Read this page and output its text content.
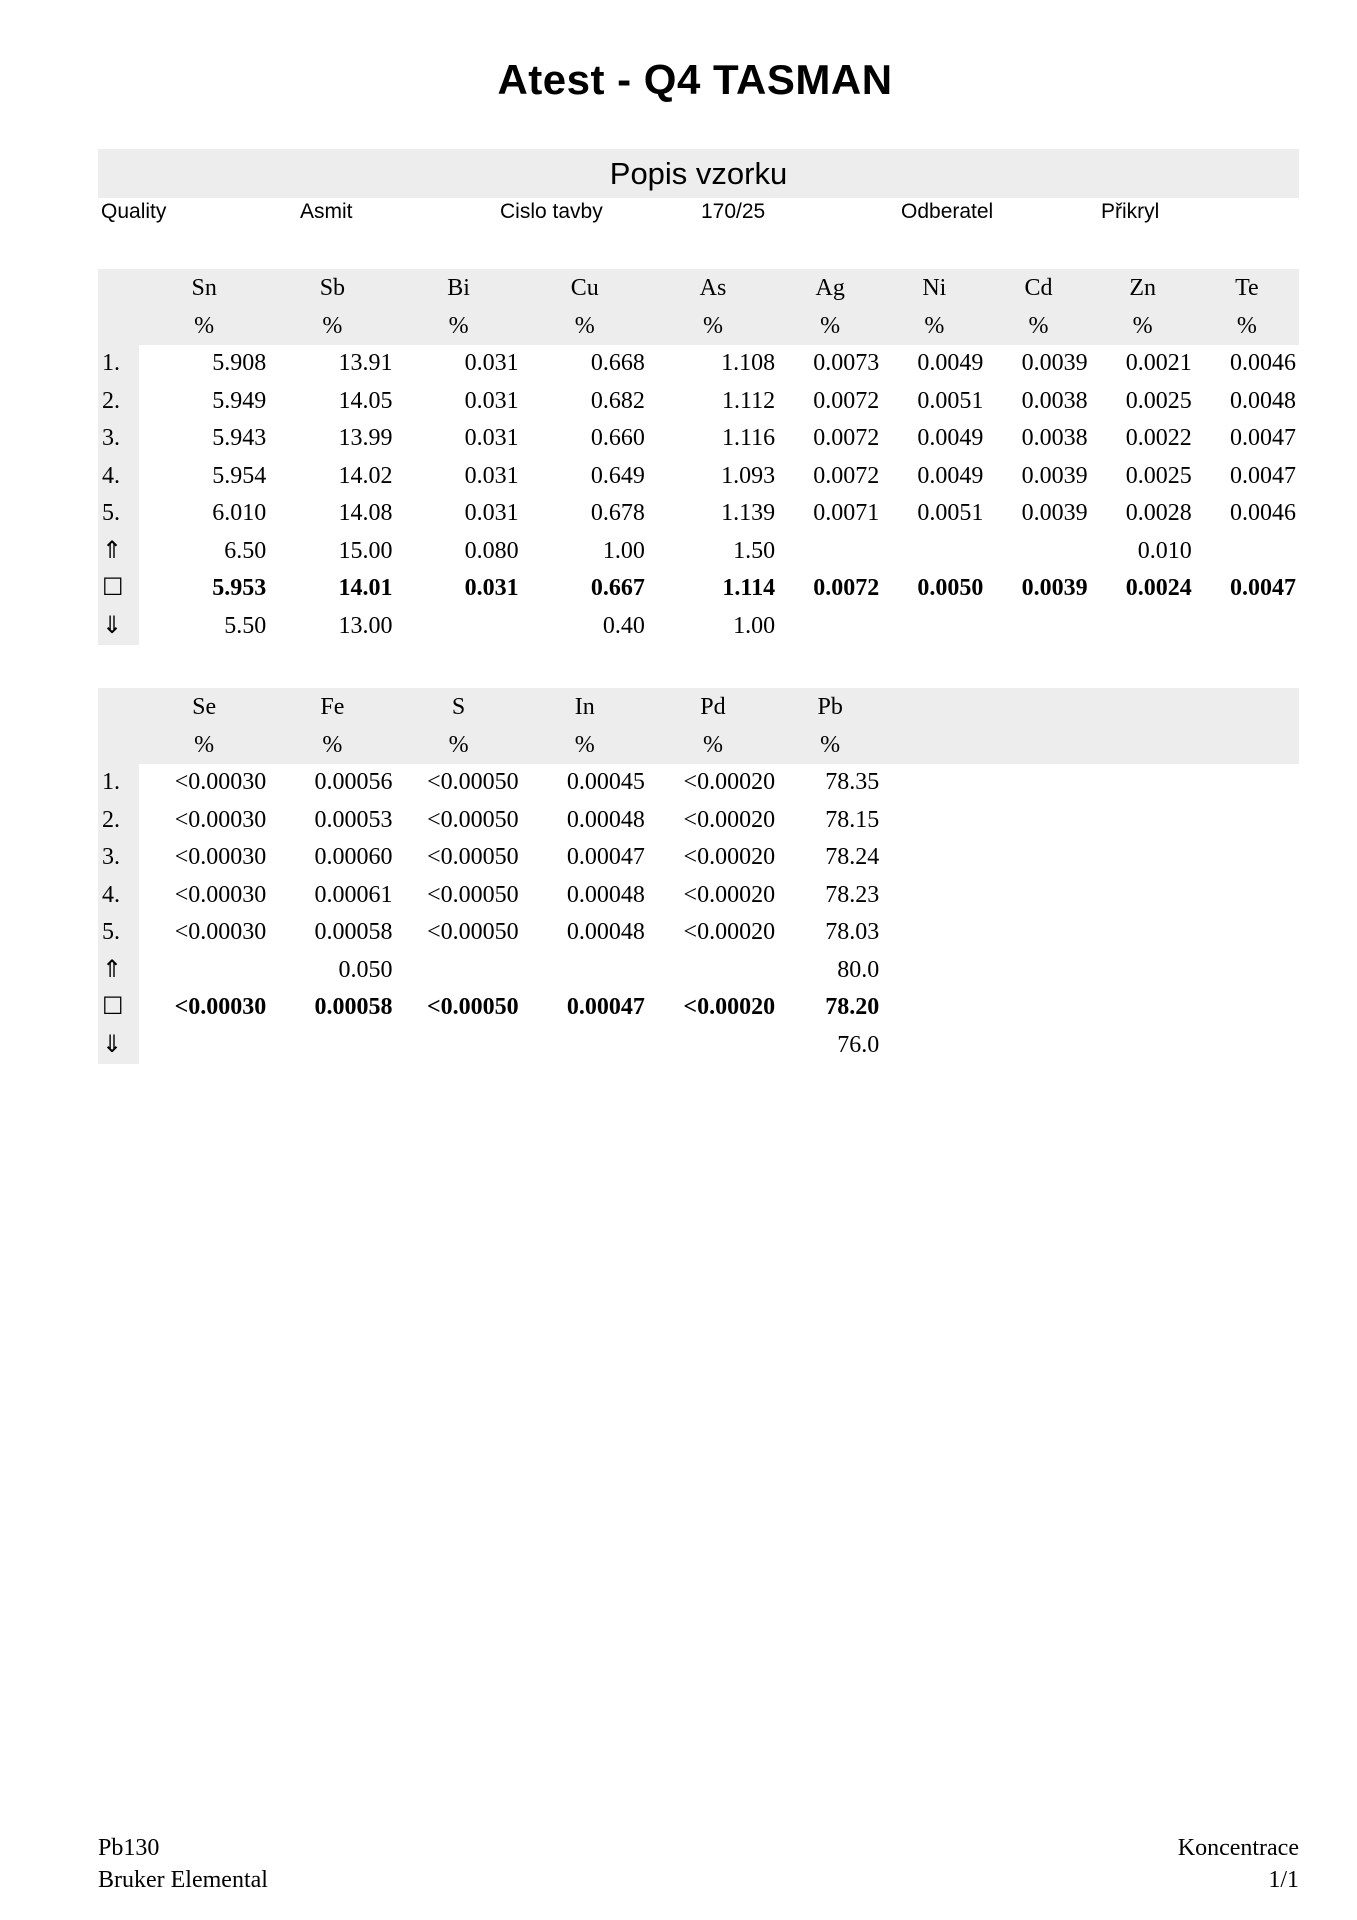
Atest - Q4 TASMAN
Popis vzorku
Quality	Asmit	Cislo tavby	170/25	Odberatel	Přikryl
	Sn	Sb	Bi	Cu	As	Ag	Ni	Cd	Zn	Te
	%	%	%	%	%	%	%	%	%	%
1.	5.908	13.91	0.031	0.668	1.108	0.0073	0.0049	0.0039	0.0021	0.0046
2.	5.949	14.05	0.031	0.682	1.112	0.0072	0.0051	0.0038	0.0025	0.0048
3.	5.943	13.99	0.031	0.660	1.116	0.0072	0.0049	0.0038	0.0022	0.0047
4.	5.954	14.02	0.031	0.649	1.093	0.0072	0.0049	0.0039	0.0025	0.0047
5.	6.010	14.08	0.031	0.678	1.139	0.0071	0.0051	0.0039	0.0028	0.0046
⇑	6.50	15.00	0.080	1.00	1.50				0.010	
☐	5.953	14.01	0.031	0.667	1.114	0.0072	0.0050	0.0039	0.0024	0.0047
⇓	5.50	13.00		0.40	1.00					
	Se	Fe	S	In	Pd	Pb				
	%	%	%	%	%	%				
1.	<0.00030	0.00056	<0.00050	0.00045	<0.00020	78.35				
2.	<0.00030	0.00053	<0.00050	0.00048	<0.00020	78.15				
3.	<0.00030	0.00060	<0.00050	0.00047	<0.00020	78.24				
4.	<0.00030	0.00061	<0.00050	0.00048	<0.00020	78.23				
5.	<0.00030	0.00058	<0.00050	0.00048	<0.00020	78.03				
⇑		0.050				80.0				
☐	<0.00030	0.00058	<0.00050	0.00047	<0.00020	78.20				
⇓						76.0				
Pb130
Bruker Elemental
Koncentrace
1/1
